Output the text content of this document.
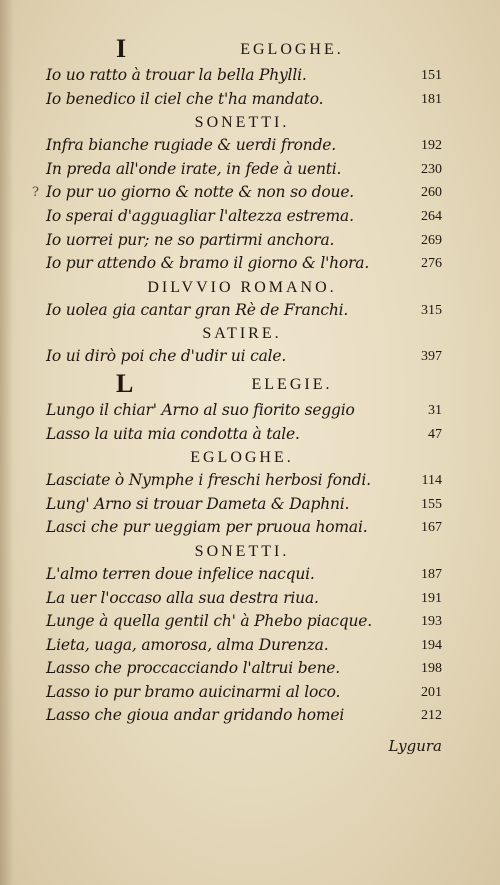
I	EGLOGHE.
Io uo ratto à trouar la bella Phylli.	151
Io benedico il ciel che t'ha mandato.	181
SONETTI.
Infra bianche rugiade & uerdi fronde.	192
In preda all'onde irate, in fede à uenti.	230
? Io pur uo giorno & notte & non so doue.	260
Io sperai d'agguagliar l'altezza estrema.	264
Io uorrei pur; ne so partirmi anchora.	269
Io pur attendo & bramo il giorno & l'hora.	276
DILVVIO ROMANO.
Io uolea gia cantar gran Rè de Franchi.	315
SATIRE.
Io ui dirò poi che d'udir ui cale.	397
L	ELEGIE.
Lungo il chiar' Arno al suo fiorito seggio	31
Lasso la uita mia condotta à tale.	47
EGLOGHE.
Lasciate ò Nymphe i freschi herbosi fondi.	114
Lung' Arno si trouar Dameta & Daphni.	155
Lasci che pur ueggiam per pruoua homai.	167
SONETTI.
L'almo terren doue infelice nacqui.	187
La uer l'occaso alla sua destra riua.	191
Lunge à quella gentil ch' à Phebo piacque.	193
Lieta, uaga, amorosa, alma Durenza.	194
Lasso che proccacciando l'altrui bene.	198
Lasso io pur bramo auicinarmi al loco.	201
Lasso che gioua andar gridando homei	212
Lygura
